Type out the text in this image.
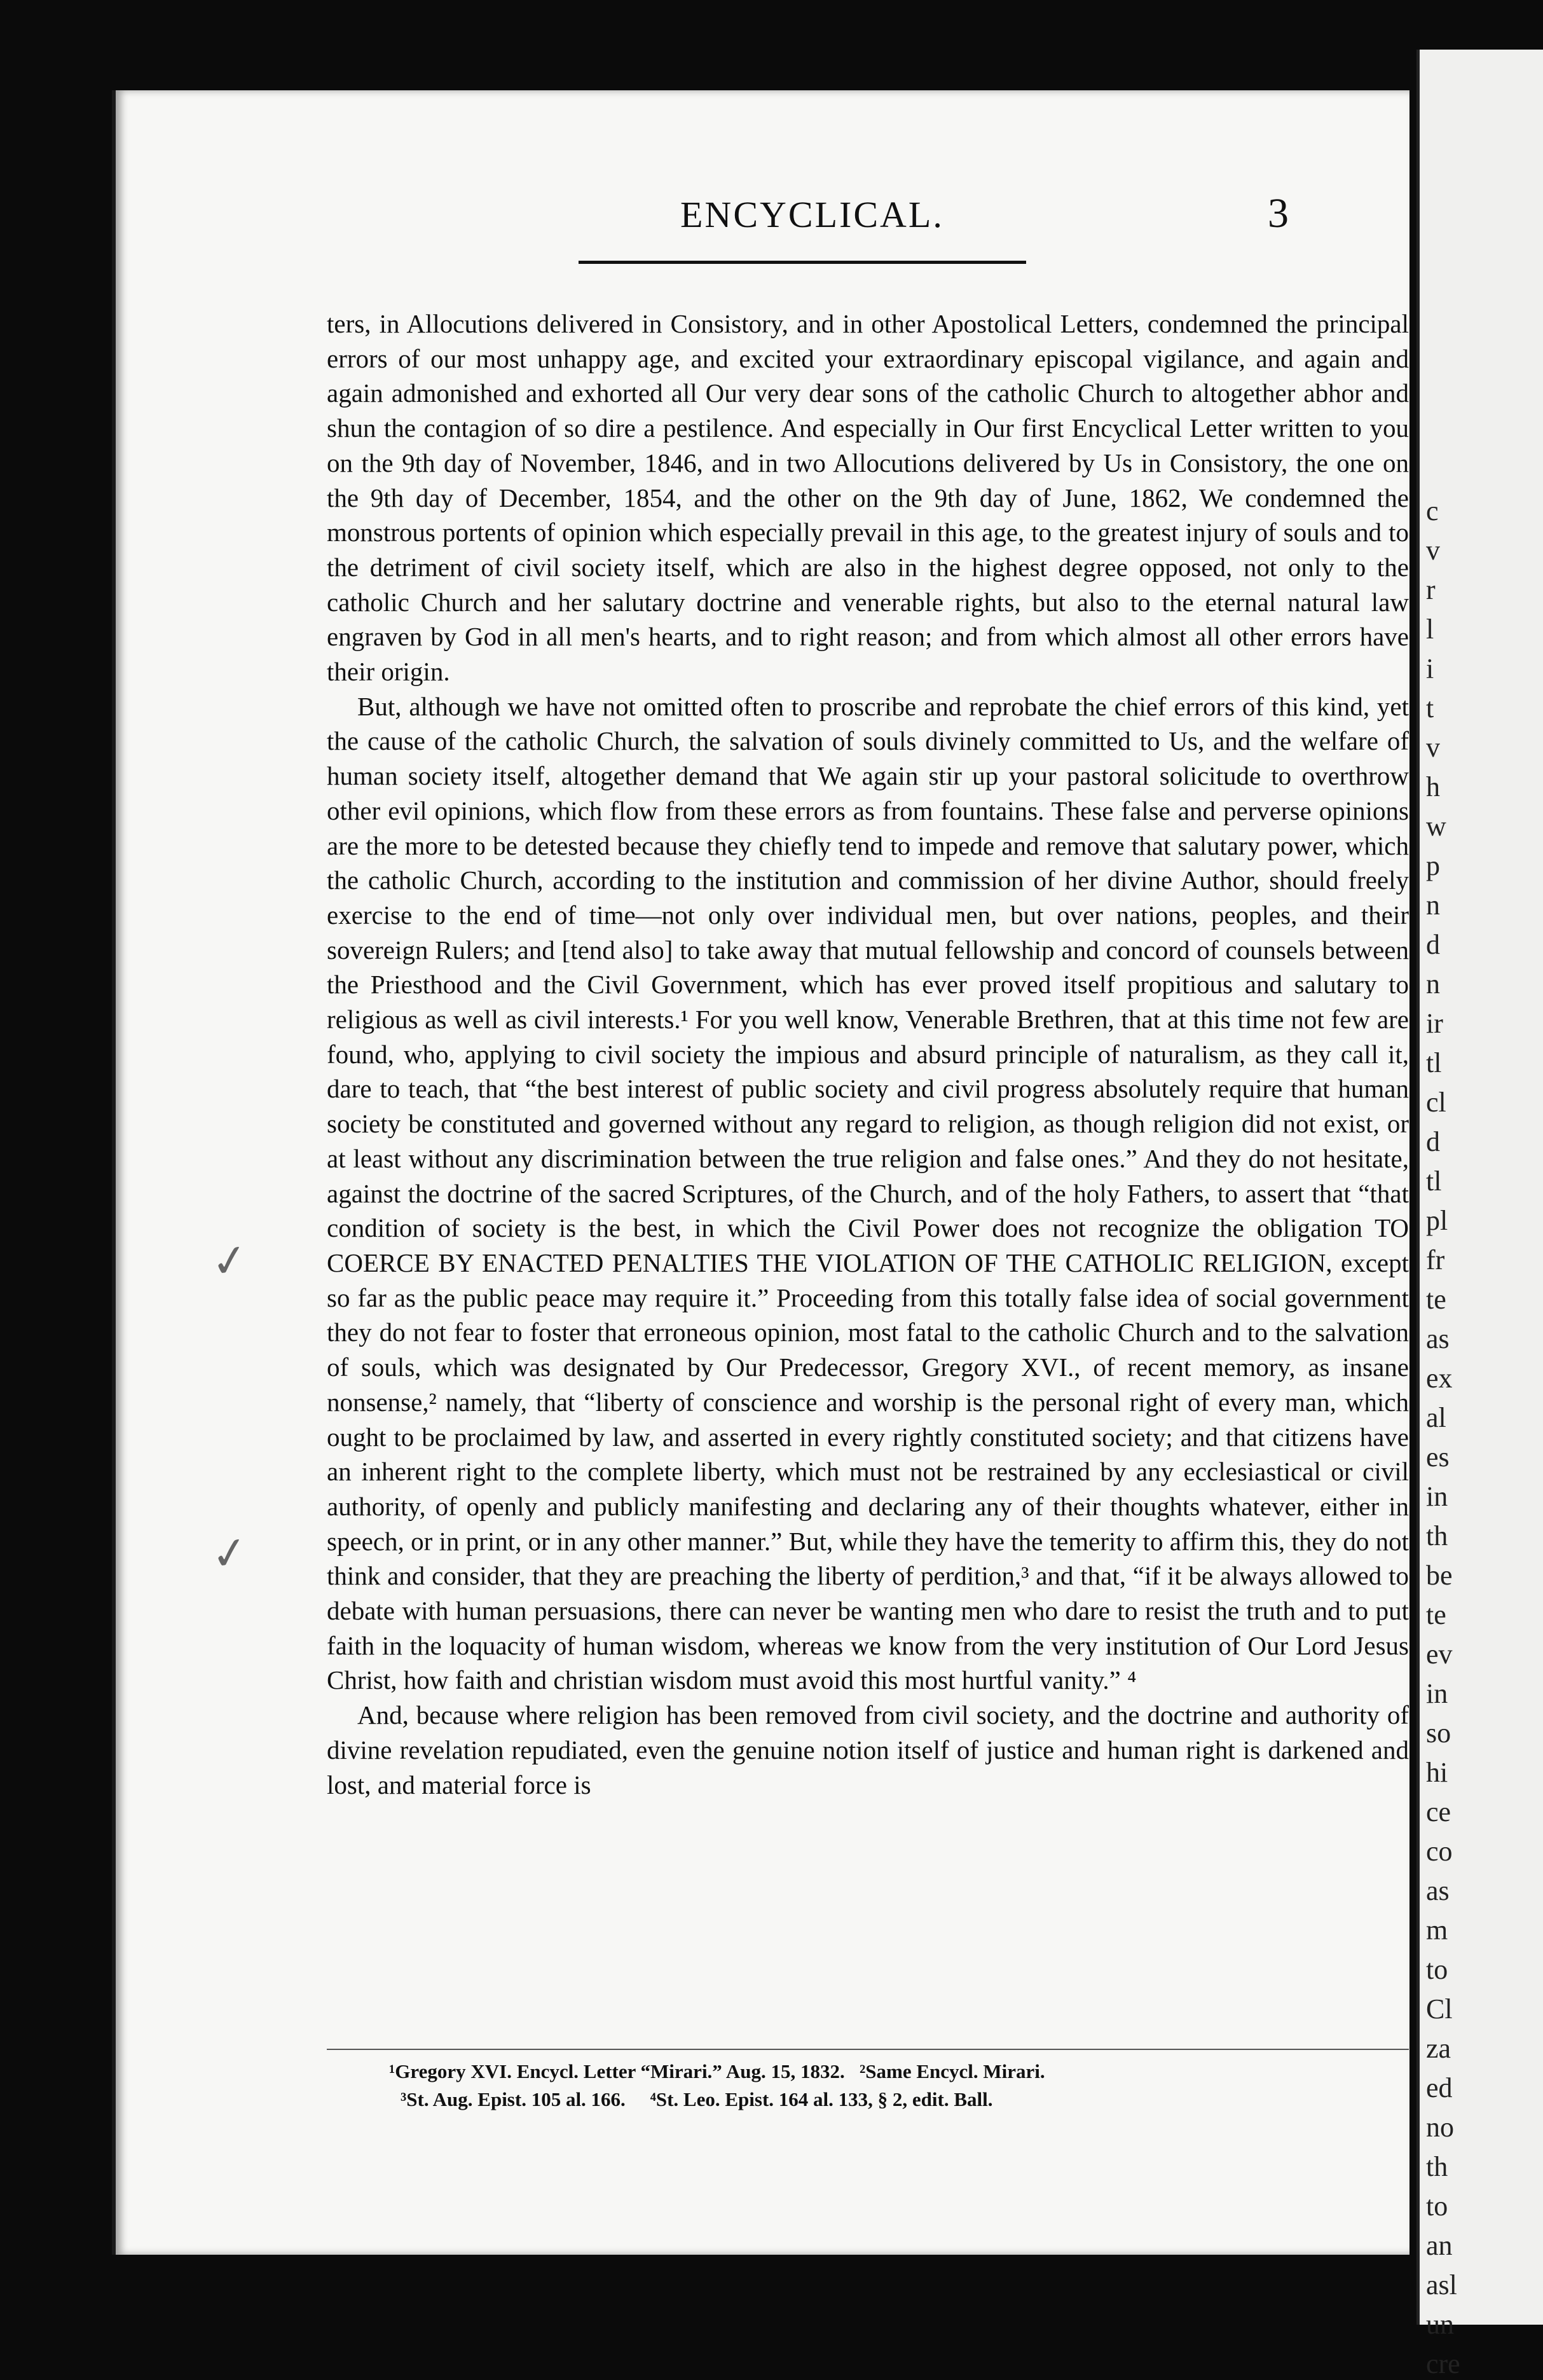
ENCYCLICAL.	3

ters, in Allocutions delivered in Consistory, and in other Apostolical Letters, condemned the principal errors of our most unhappy age, and excited your extraordinary episcopal vigilance, and again and again admonished and exhorted all Our very dear sons of the catholic Church to altogether abhor and shun the contagion of so dire a pestilence. And especially in Our first Encyclical Letter written to you on the 9th day of November, 1846, and in two Allocutions delivered by Us in Consistory, the one on the 9th day of December, 1854, and the other on the 9th day of June, 1862, We condemned the monstrous portents of opinion which especially prevail in this age, to the greatest injury of souls and to the detriment of civil society itself, which are also in the highest degree opposed, not only to the catholic Church and her salutary doctrine and venerable rights, but also to the eternal natural law engraven by God in all men's hearts, and to right reason; and from which almost all other errors have their origin.

But, although we have not omitted often to proscribe and reprobate the chief errors of this kind, yet the cause of the catholic Church, the salvation of souls divinely committed to Us, and the welfare of human society itself, altogether demand that We again stir up your pastoral solicitude to overthrow other evil opinions, which flow from these errors as from fountains. These false and perverse opinions are the more to be detested because they chiefly tend to impede and remove that salutary power, which the catholic Church, according to the institution and commission of her divine Author, should freely exercise to the end of time—not only over individual men, but over nations, peoples, and their sovereign Rulers; and [tend also] to take away that mutual fellowship and concord of counsels between the Priesthood and the Civil Government, which has ever proved itself propitious and salutary to religious as well as civil interests.¹ For you well know, Venerable Brethren, that at this time not few are found, who, applying to civil society the impious and absurd principle of naturalism, as they call it, dare to teach, that “the best interest of public society and civil progress absolutely require that human society be constituted and governed without any regard to religion, as though religion did not exist, or at least without any discrimination between the true religion and false ones.” And they do not hesitate, against the doctrine of the sacred Scriptures, of the Church, and of the holy Fathers, to assert that “that condition of society is the best, in which the Civil Power does not recognize the obligation TO COERCE BY ENACTED PENALTIES THE VIOLATION OF THE CATHOLIC RELIGION, except so far as the public peace may require it.” Proceeding from this totally false idea of social government they do not fear to foster that erroneous opinion, most fatal to the catholic Church and to the salvation of souls, which was designated by Our Predecessor, Gregory XVI., of recent memory, as insane nonsense,² namely, that “liberty of conscience and worship is the personal right of every man, which ought to be proclaimed by law, and asserted in every rightly constituted society; and that citizens have an inherent right to the complete liberty, which must not be restrained by any ecclesiastical or civil authority, of openly and publicly manifesting and declaring any of their thoughts whatever, either in speech, or in print, or in any other manner.” But, while they have the temerity to affirm this, they do not think and consider, that they are preaching the liberty of perdition,³ and that, “if it be always allowed to debate with human persuasions, there can never be wanting men who dare to resist the truth and to put faith in the loquacity of human wisdom, whereas we know from the very institution of Our Lord Jesus Christ, how faith and christian wisdom must avoid this most hurtful vanity.” ⁴

And, because where religion has been removed from civil society, and the doctrine and authority of divine revelation repudiated, even the genuine notion itself of justice and human right is darkened and lost, and material force is

¹Gregory XVI. Encycl. Letter “Mirari.” Aug. 15, 1832. ²Same Encycl. Mirari.
³St. Aug. Epist. 105 al. 166. ⁴St. Leo. Epist. 164 al. 133, § 2, edit. Ball.
✓
✓
c
v
r
l
i
t
v
h
w
p
n
d
n
ir
tl
cl
d
tl
pl
fr
te
as
ex
al
es
in
th
be
te
ev
in
so
hi
ce
co
as
m
to
Cl
za
ed
no
th
to
an
asl
un
cre
